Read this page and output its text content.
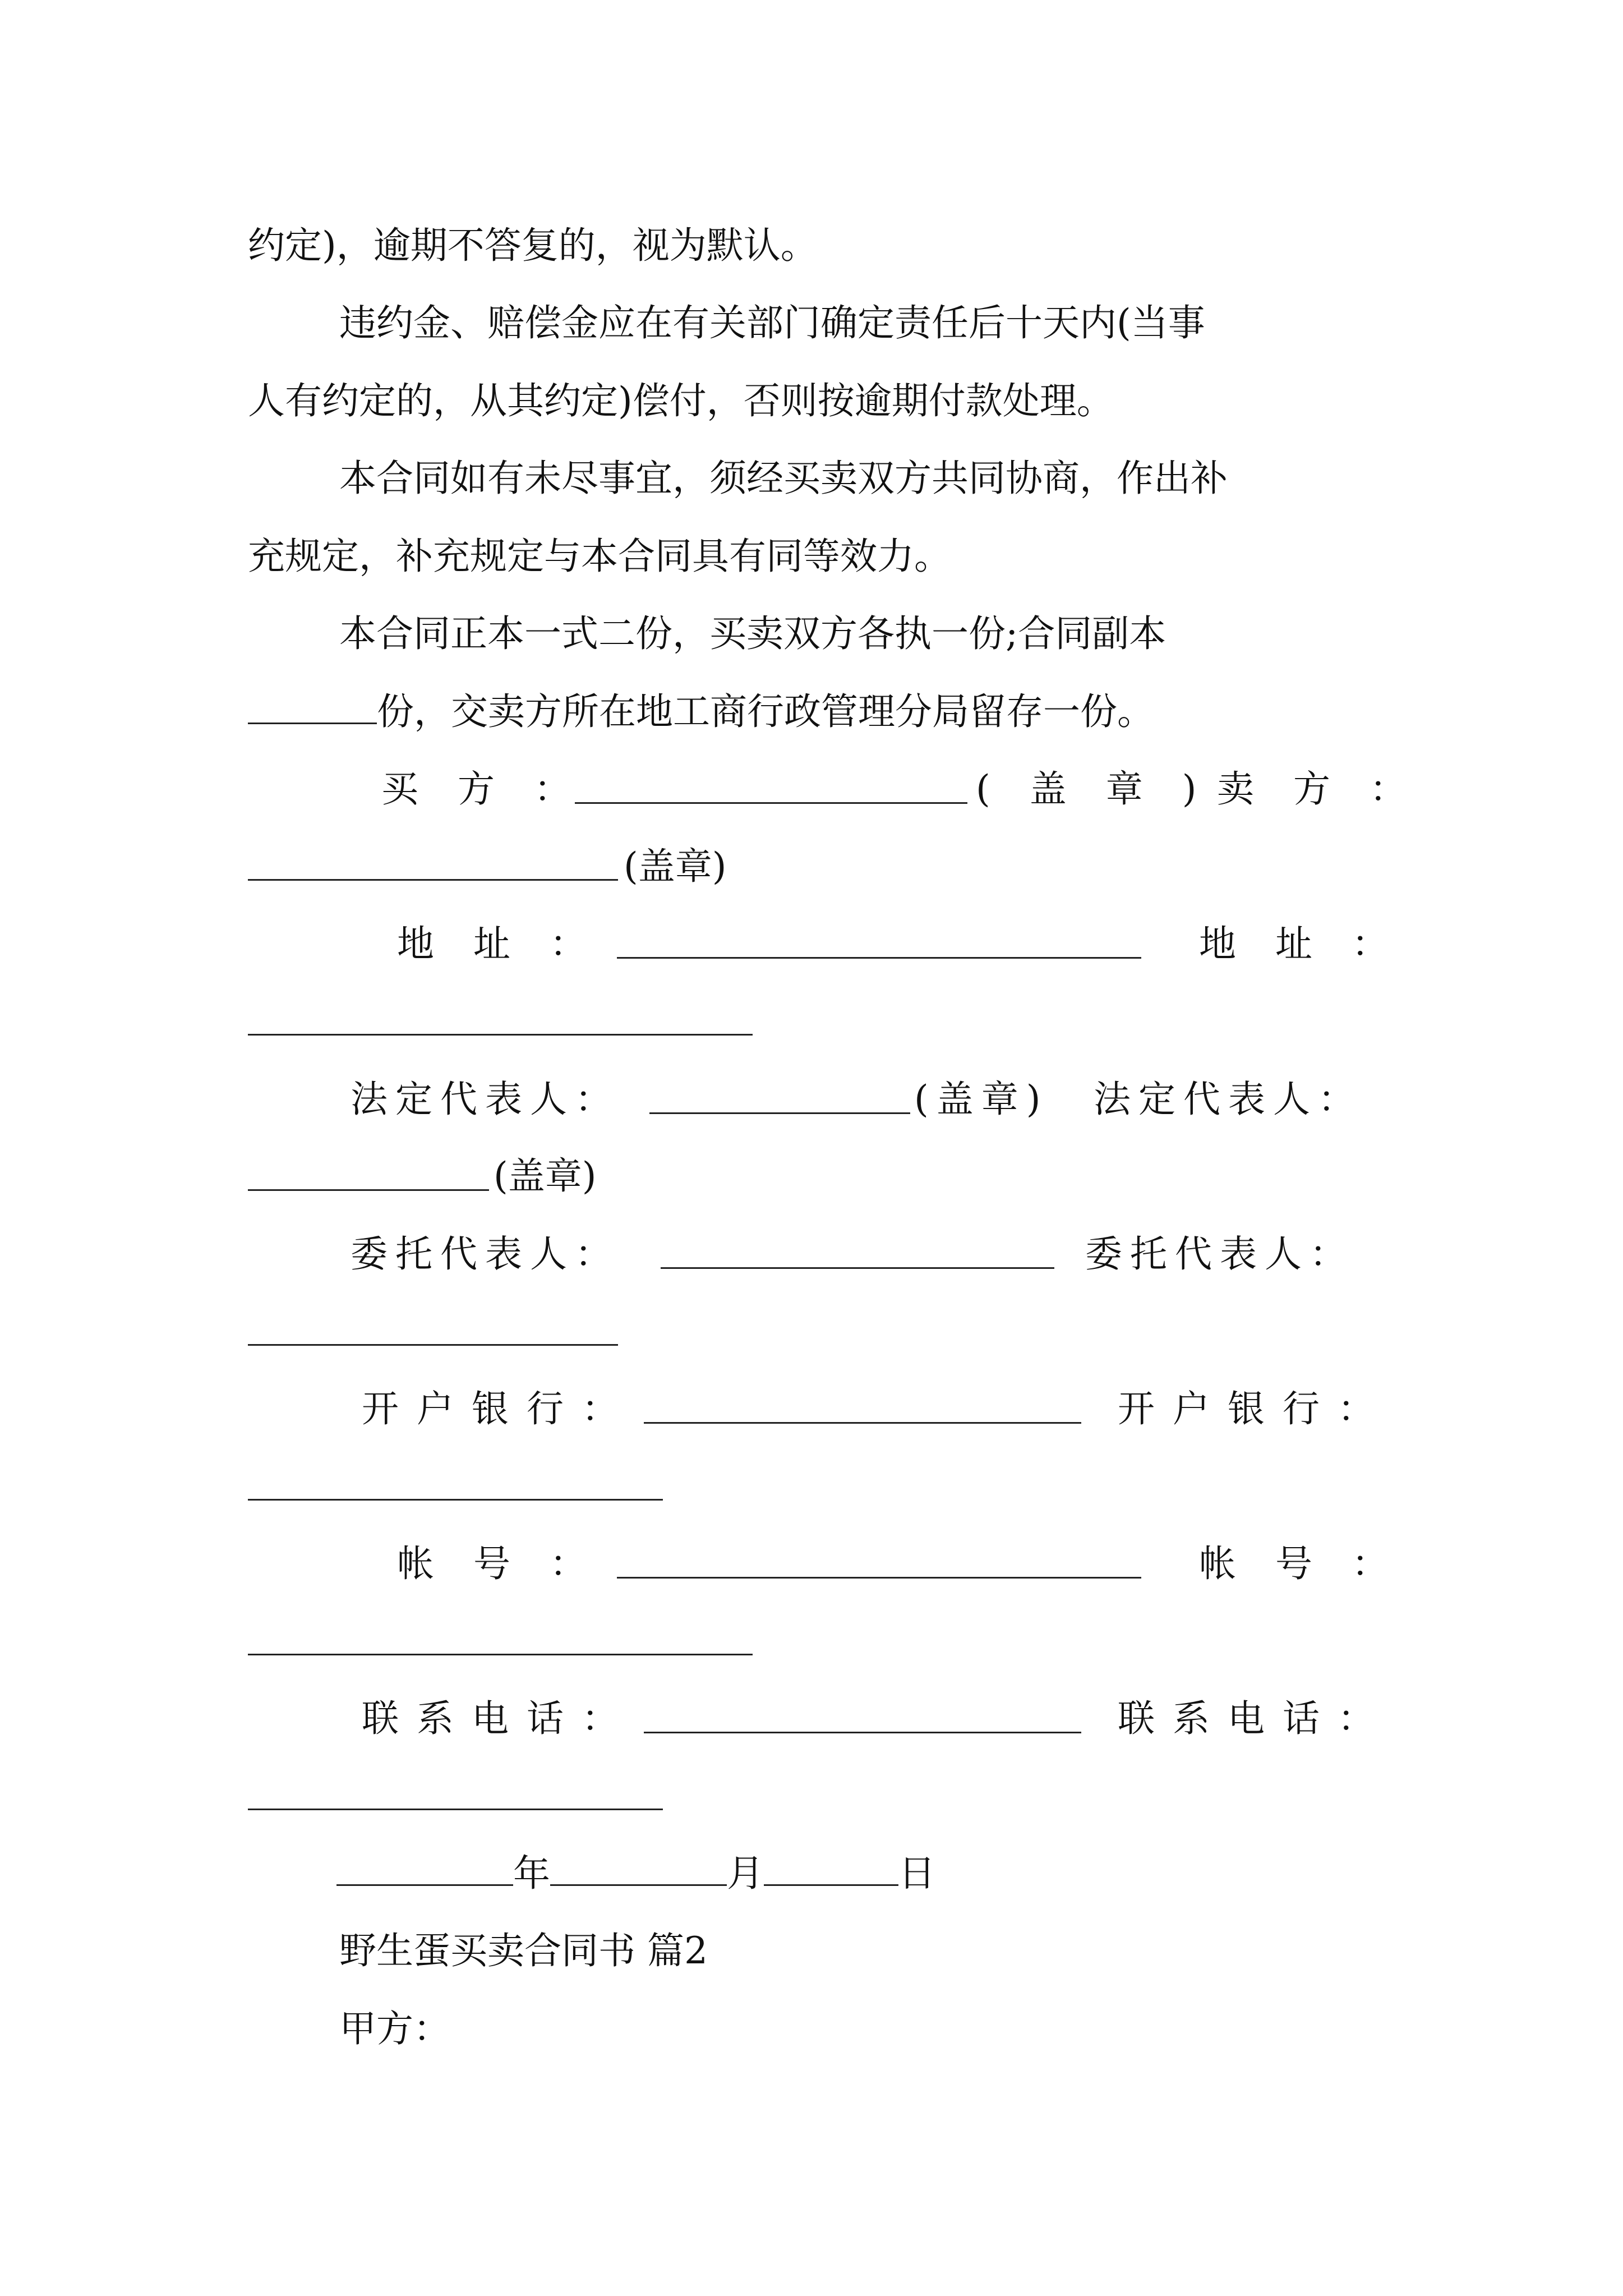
约定)，逾期不答复的，视为默认。
违约金、赔偿金应在有关部门确定责任后十天内(当事
人有约定的，从其约定)偿付，否则按逾期付款处理。
本合同如有未尽事宜，须经买卖双方共同协商，作出补
充规定，补充规定与本合同具有同等效力。
本合同正本一式二份，买卖双方各执一份;合同副本
份，交卖方所在地工商行政管理分局留存一份。
买方：	(盖章)
卖方：
(盖章)
地址：	地址：
法定代表人：	(盖章) 法定代表人：
(盖章)
委托代表人：	委托代表人：
开户银行：	开户银行：
帐号：	帐号：
联系电话：	联系电话：
年	月	日
野生蛋买卖合同书 篇2
甲方：
